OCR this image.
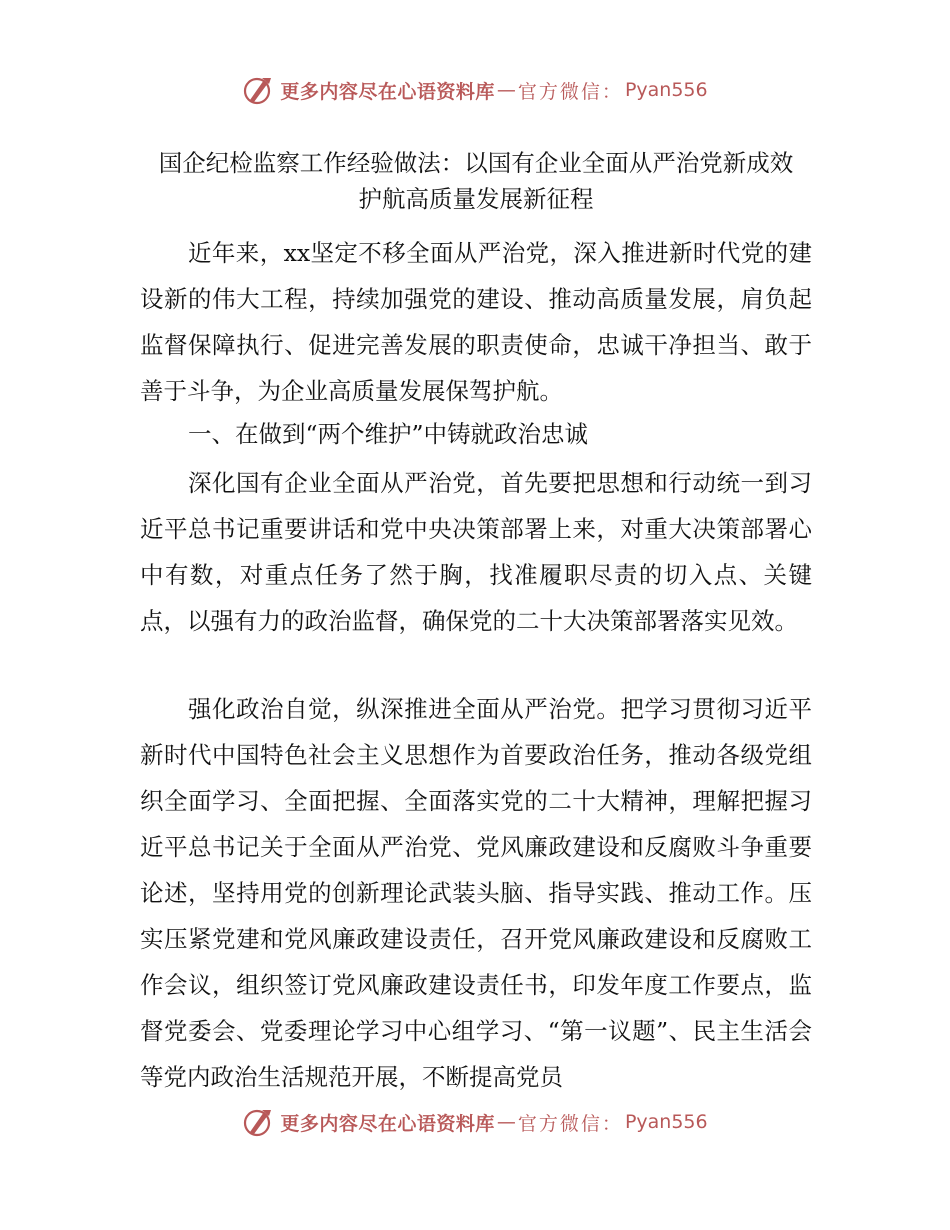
更多内容尽在心语资料库 — 官方微信： Pyan556
国企纪检监察工作经验做法：以国有企业全面从严治党新成效
护航高质量发展新征程

近年来，xx坚定不移全面从严治党，深入推进新时代党的建设新的伟大工程，持续加强党的建设、推动高质量发展，肩负起监督保障执行、促进完善发展的职责使命，忠诚干净担当、敢于善于斗争，为企业高质量发展保驾护航。

一、在做到“两个维护”中铸就政治忠诚

深化国有企业全面从严治党，首先要把思想和行动统一到习近平总书记重要讲话和党中央决策部署上来，对重大决策部署心中有数，对重点任务了然于胸，找准履职尽责的切入点、关键点，以强有力的政治监督，确保党的二十大决策部署落实见效。

强化政治自觉，纵深推进全面从严治党。把学习贯彻习近平新时代中国特色社会主义思想作为首要政治任务，推动各级党组织全面学习、全面把握、全面落实党的二十大精神，理解把握习近平总书记关于全面从严治党、党风廉政建设和反腐败斗争重要论述，坚持用党的创新理论武装头脑、指导实践、推动工作。压实压紧党建和党风廉政建设责任，召开党风廉政建设和反腐败工作会议，组织签订党风廉政建设责任书，印发年度工作要点，监督党委会、党委理论学习中心组学习、“第一议题”、民主生活会等党内政治生活规范开展，不断提高党员

更多内容尽在心语资料库 — 官方微信： Pyan556
